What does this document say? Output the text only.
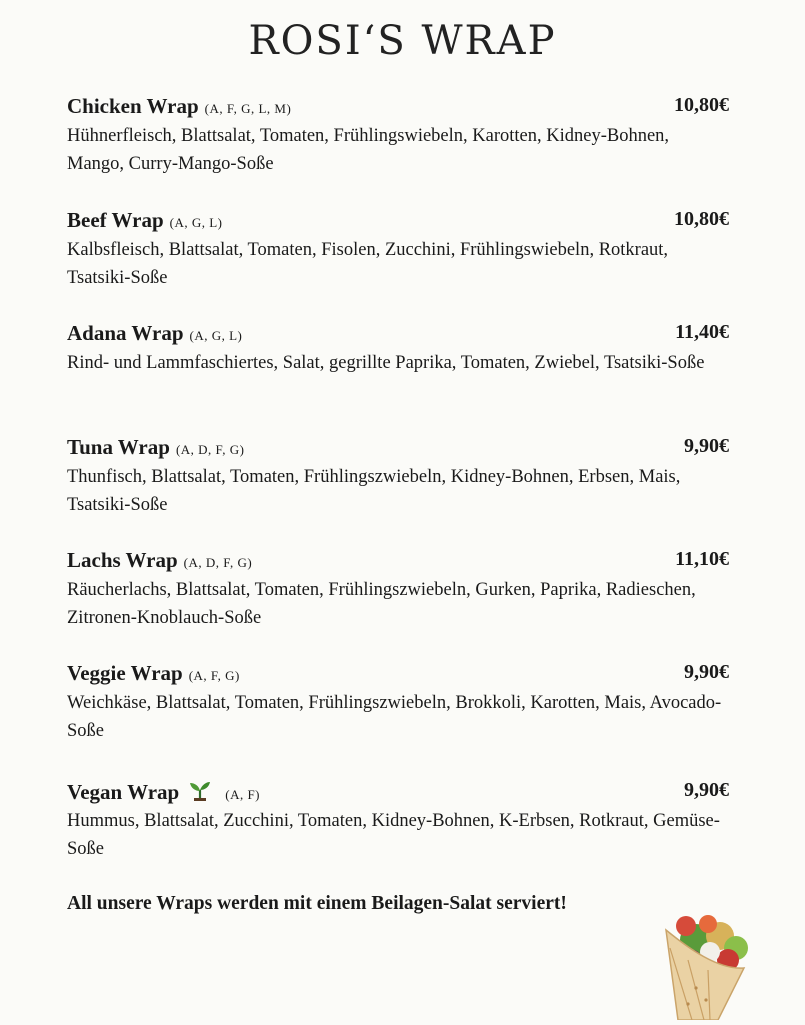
ROSI‘S WRAP
Chicken Wrap (A, F, G, L, M)	10,80€
Hühnerfleisch, Blattsalat, Tomaten, Frühlingswiebeln, Karotten, Kidney-Bohnen, Mango, Curry-Mango-Soße
Beef Wrap (A, G, L)	10,80€
Kalbsfleisch, Blattsalat, Tomaten, Fisolen, Zucchini, Frühlingswiebeln, Rotkraut, Tsatsiki-Soße
Adana Wrap (A, G, L)	11,40€
Rind- und Lammfaschiertes, Salat, gegrillte Paprika, Tomaten, Zwiebel, Tsatsiki-Soße
Tuna Wrap (A, D, F, G)	9,90€
Thunfisch, Blattsalat, Tomaten, Frühlingszwiebeln, Kidney-Bohnen, Erbsen, Mais, Tsatsiki-Soße
Lachs Wrap (A, D, F, G)	11,10€
Räucherlachs, Blattsalat, Tomaten, Frühlingszwiebeln, Gurken, Paprika, Radieschen, Zitronen-Knoblauch-Soße
Veggie Wrap (A, F, G)	9,90€
Weichkäse, Blattsalat, Tomaten, Frühlingszwiebeln, Brokkoli, Karotten, Mais, Avocado-Soße
Vegan Wrap	(A, F)	9,90€
Hummus, Blattsalat, Zucchini, Tomaten, Kidney-Bohnen, K-Erbsen, Rotkraut, Gemüse-Soße
All unsere Wraps werden mit einem Beilagen-Salat serviert!
